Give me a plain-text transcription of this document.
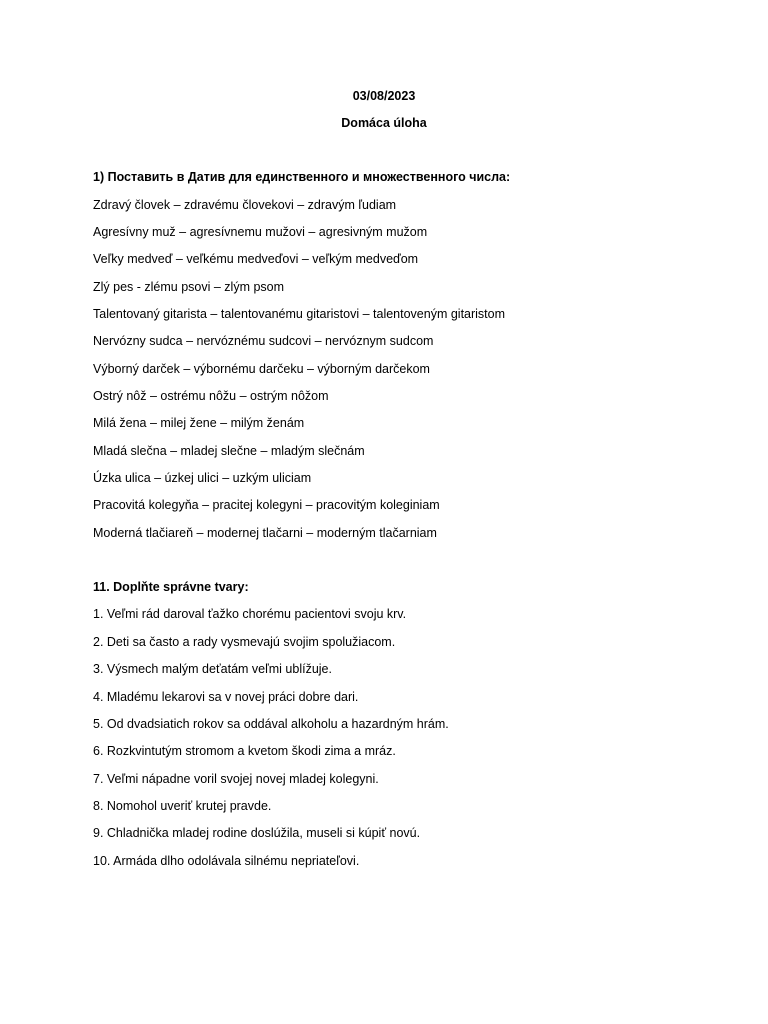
03/08/2023
Domáca úloha
1) Поставить в Датив для единственного и множественного числа:
Zdravý človek – zdravému človekovi – zdravým ľudiam
Agresívny muž – agresívnemu mužovi – agresivným mužom
Veľky medveď – veľkému medveďovi – veľkým medveďom
Zlý pes - zlému psovi – zlým psom
Talentovaný gitarista – talentovanému gitaristovi – talentoveným gitaristom
Nervózny sudca – nervóznému sudcovi – nervóznym sudcom
Výborný darček – výbornému darčeku – výborným darčekom
Ostrý nôž – ostrému nôžu – ostrým nôžom
Milá žena – milej žene – milým ženám
Mladá slečna – mladej slečne – mladým slečnám
Úzka ulica – úzkej ulici – uzkým uliciam
Pracovitá kolegyňa – pracitej kolegyni – pracovitým koleginiam
Moderná tlačiareň – modernej tlačarni – moderným tlačarniam
11. Doplňte správne tvary:
1. Veľmi rád daroval ťažko chorému pacientovi svoju krv.
2. Deti sa často a rady vysmevajú svojim spolužiacom.
3. Výsmech malým deťatám veľmi ublížuje.
4. Mladému lekarovi sa v novej práci dobre dari.
5. Od dvadsiatich rokov sa oddával alkoholu a hazardným hrám.
6. Rozkvintutým stromom a kvetom škodi zima a mráz.
7. Veľmi nápadne voril svojej novej mladej kolegyni.
8. Nomohol uveriť krutej pravde.
9. Chladnička mladej rodine doslúžila, museli si kúpiť novú.
10. Armáda dlho odolávala silnému nepriateľovi.
